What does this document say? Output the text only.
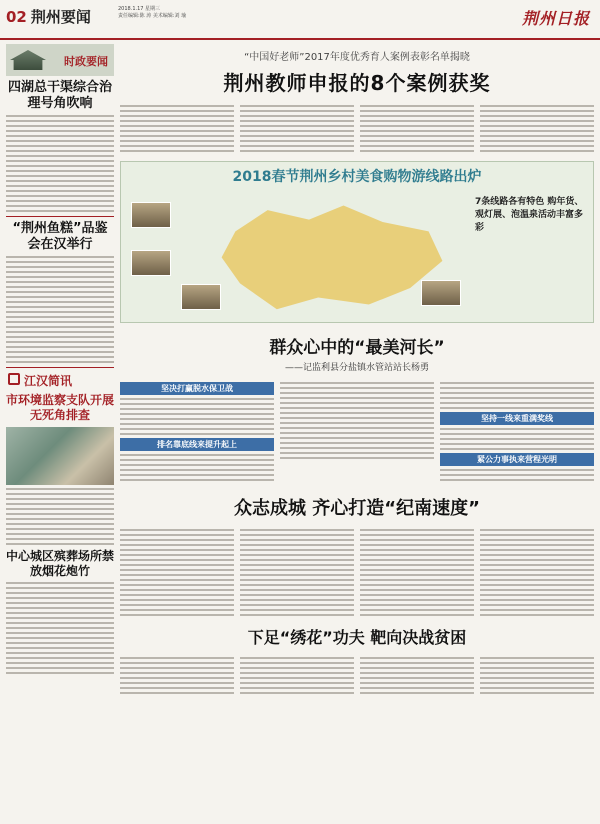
02 荆州要闻	2018.1.17 星期三
责任编辑:陈 涛 美术编辑:刘 瑜	荆州日报
时政要闻
四湖总干渠综合治理号角吹响
“荆州鱼糕”品鉴会在汉举行
江汉简讯
市环境监察支队开展无死角排查
中心城区殡葬场所禁放烟花炮竹
“中国好老师”2017年度优秀育人案例表彰名单揭晓
荆州教师申报的8个案例获奖
2018春节荆州乡村美食购物游线路出炉
7条线路各有特色 购年货、观灯展、泡温泉活动丰富多彩
群众心中的“最美河长”
——记监利县分盐镇水管站站长杨勇
坚决打赢脱水保卫战
排名靠底线来提升起上
坚持一线来重满奖线
紧公力事执来营程光明
众志成城 齐心打造“纪南速度”
下足“绣花”功夫 靶向决战贫困
